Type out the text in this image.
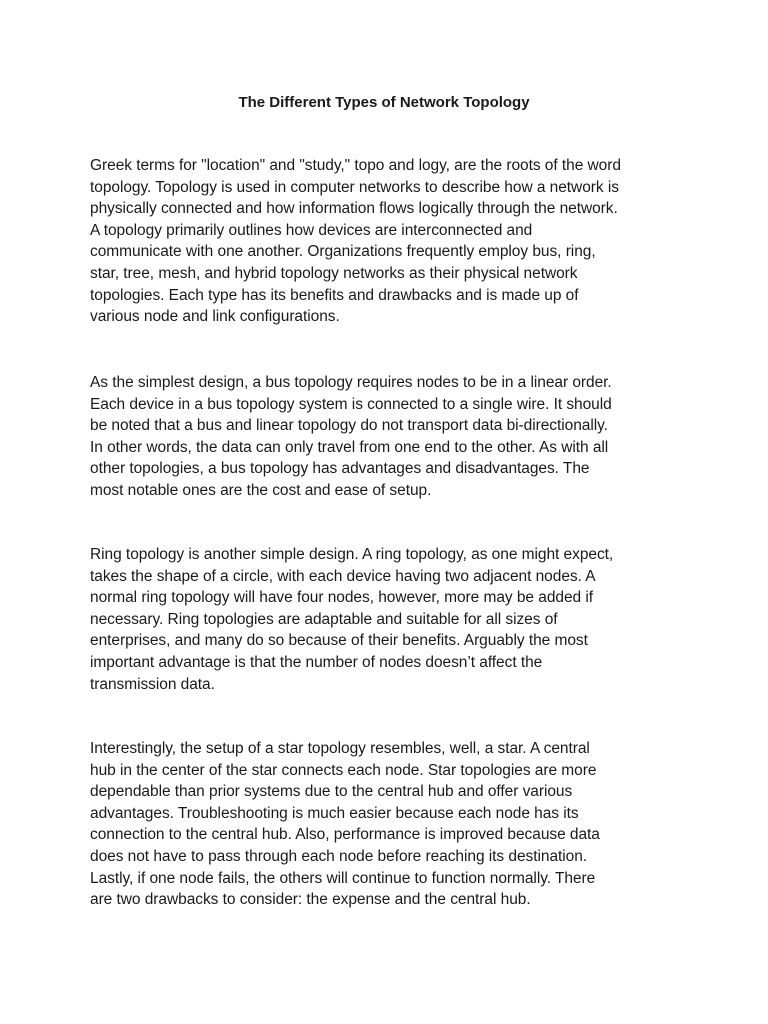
The Different Types of Network Topology

Greek terms for "location" and "study," topo and logy, are the roots of the word
topology. Topology is used in computer networks to describe how a network is
physically connected and how information flows logically through the network.
A topology primarily outlines how devices are interconnected and
communicate with one another. Organizations frequently employ bus, ring,
star, tree, mesh, and hybrid topology networks as their physical network
topologies. Each type has its benefits and drawbacks and is made up of
various node and link configurations.

As the simplest design, a bus topology requires nodes to be in a linear order.
Each device in a bus topology system is connected to a single wire. It should
be noted that a bus and linear topology do not transport data bi-directionally.
In other words, the data can only travel from one end to the other. As with all
other topologies, a bus topology has advantages and disadvantages. The
most notable ones are the cost and ease of setup.

Ring topology is another simple design. A ring topology, as one might expect,
takes the shape of a circle, with each device having two adjacent nodes. A
normal ring topology will have four nodes, however, more may be added if
necessary. Ring topologies are adaptable and suitable for all sizes of
enterprises, and many do so because of their benefits. Arguably the most
important advantage is that the number of nodes doesn’t affect the
transmission data.

Interestingly, the setup of a star topology resembles, well, a star. A central
hub in the center of the star connects each node. Star topologies are more
dependable than prior systems due to the central hub and offer various
advantages. Troubleshooting is much easier because each node has its
connection to the central hub. Also, performance is improved because data
does not have to pass through each node before reaching its destination.
Lastly, if one node fails, the others will continue to function normally. There
are two drawbacks to consider: the expense and the central hub.
